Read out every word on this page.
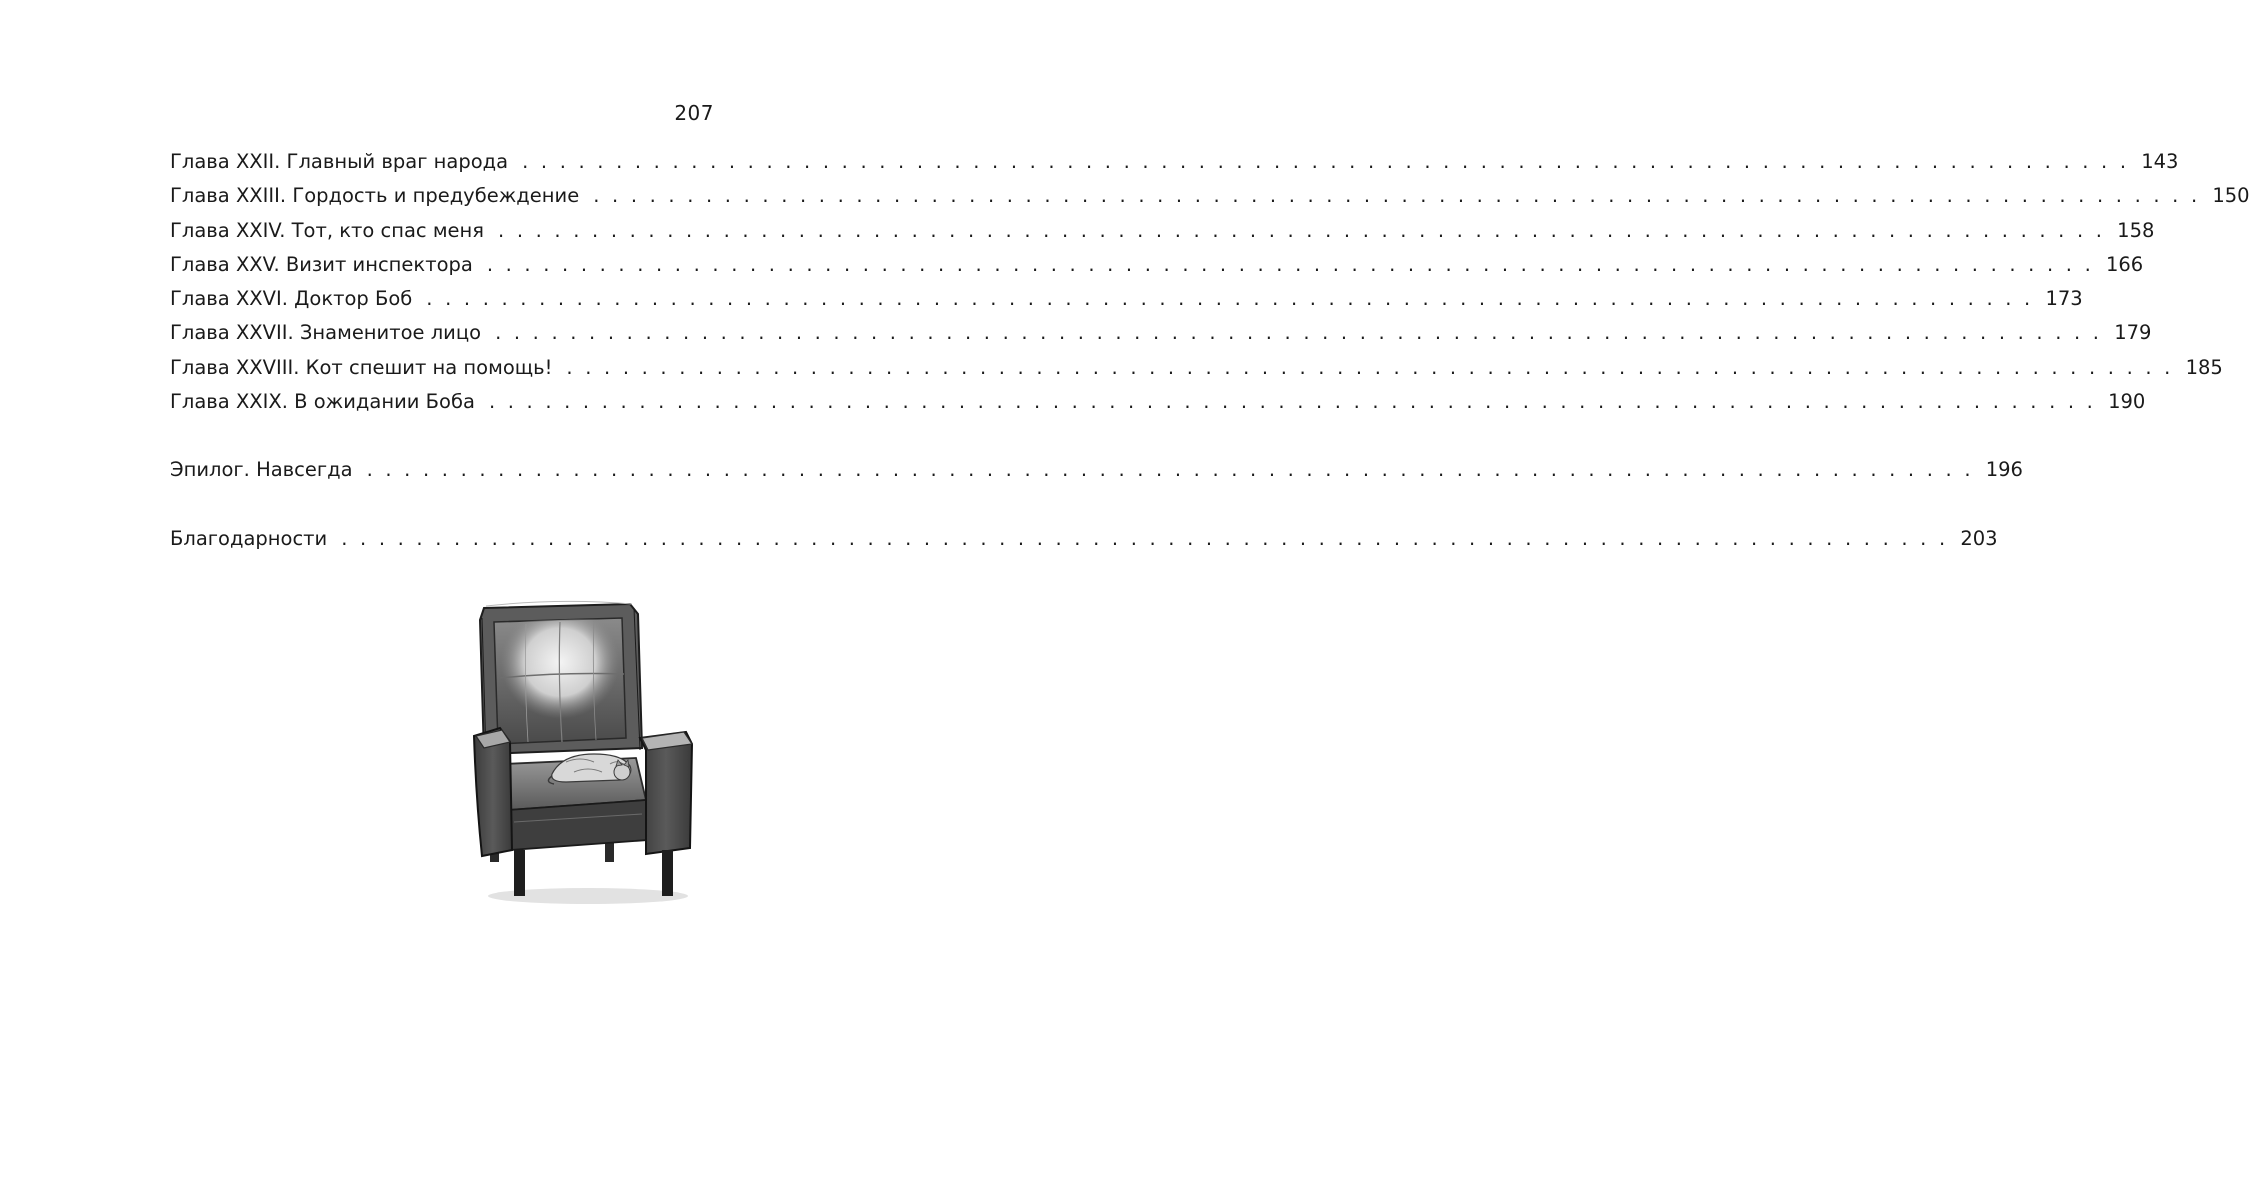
207
Глава XXII. Главный враг народа . . . . . . . . . . . . . . . . . . . . . . . . . . . . . . . . . . . . . . . . . . . . . . . . . . . . . . . . . . . . . . . . . . . . . . . . . . . . . . . . . . . . . . 143
Глава XXIII. Гордость и предубеждение . . . . . . . . . . . . . . . . . . . . . . . . . . . . . . . . . . . . . . . . . . . . . . . . . . . . . . . . . . . . . . . . . . . . . . . . . . . . . . . . . . . . . . 150
Глава XXIV. Тот, кто спас меня . . . . . . . . . . . . . . . . . . . . . . . . . . . . . . . . . . . . . . . . . . . . . . . . . . . . . . . . . . . . . . . . . . . . . . . . . . . . . . . . . . . . . . 158
Глава XXV. Визит инспектора . . . . . . . . . . . . . . . . . . . . . . . . . . . . . . . . . . . . . . . . . . . . . . . . . . . . . . . . . . . . . . . . . . . . . . . . . . . . . . . . . . . . . . 166
Глава XXVI. Доктор Боб . . . . . . . . . . . . . . . . . . . . . . . . . . . . . . . . . . . . . . . . . . . . . . . . . . . . . . . . . . . . . . . . . . . . . . . . . . . . . . . . . . . . . . 173
Глава XXVII. Знаменитое лицо . . . . . . . . . . . . . . . . . . . . . . . . . . . . . . . . . . . . . . . . . . . . . . . . . . . . . . . . . . . . . . . . . . . . . . . . . . . . . . . . . . . . . . 179
Глава XXVIII. Кот спешит на помощь! . . . . . . . . . . . . . . . . . . . . . . . . . . . . . . . . . . . . . . . . . . . . . . . . . . . . . . . . . . . . . . . . . . . . . . . . . . . . . . . . . . . . . . 185
Глава XXIX. В ожидании Боба . . . . . . . . . . . . . . . . . . . . . . . . . . . . . . . . . . . . . . . . . . . . . . . . . . . . . . . . . . . . . . . . . . . . . . . . . . . . . . . . . . . . . . 190
Эпилог. Навсегда . . . . . . . . . . . . . . . . . . . . . . . . . . . . . . . . . . . . . . . . . . . . . . . . . . . . . . . . . . . . . . . . . . . . . . . . . . . . . . . . . . . . . . 196
Благодарности . . . . . . . . . . . . . . . . . . . . . . . . . . . . . . . . . . . . . . . . . . . . . . . . . . . . . . . . . . . . . . . . . . . . . . . . . . . . . . . . . . . . . . 203
